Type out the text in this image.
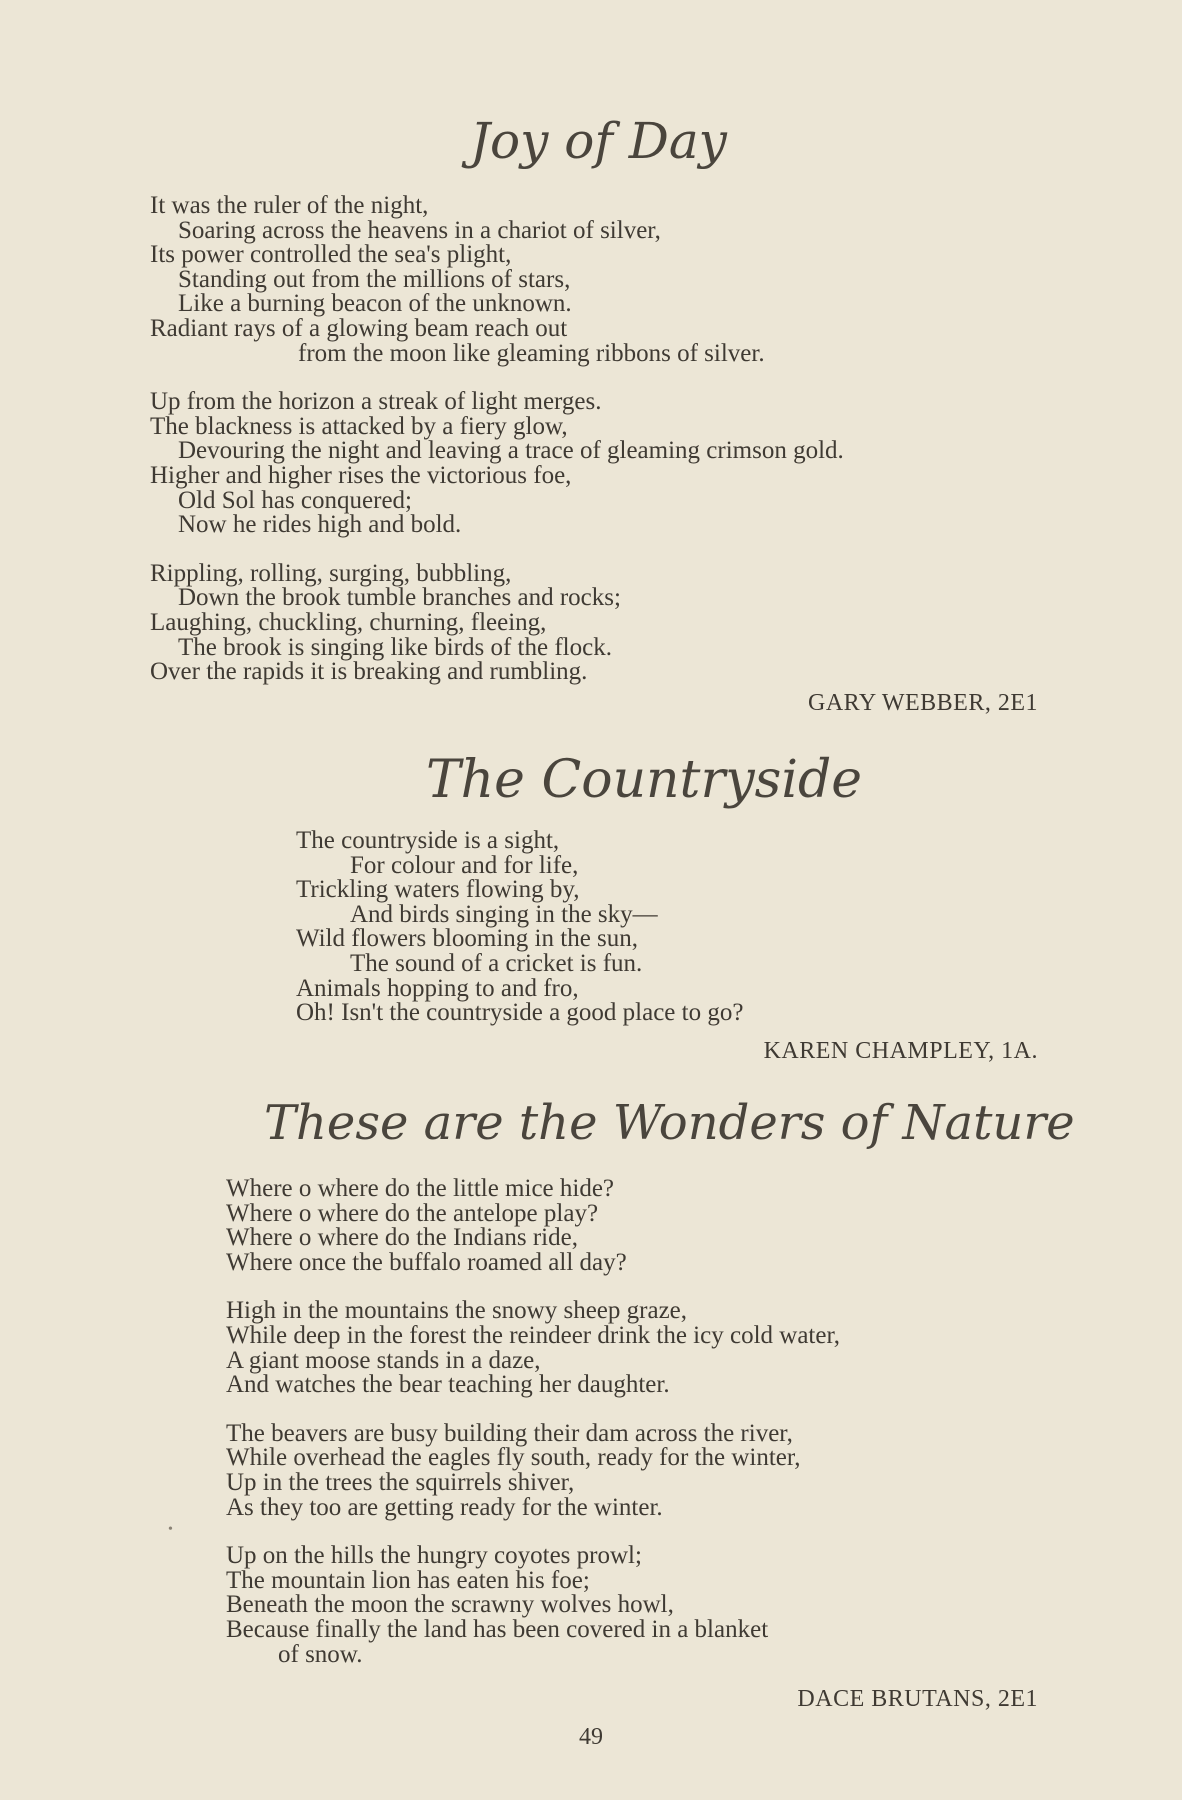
Joy of Day
It was the ruler of the night,
Soaring across the heavens in a chariot of silver,
Its power controlled the sea's plight,
Standing out from the millions of stars,
Like a burning beacon of the unknown.
Radiant rays of a glowing beam reach out
from the moon like gleaming ribbons of silver.
Up from the horizon a streak of light merges.
The blackness is attacked by a fiery glow,
Devouring the night and leaving a trace of gleaming crimson gold.
Higher and higher rises the victorious foe,
Old Sol has conquered;
Now he rides high and bold.
Rippling, rolling, surging, bubbling,
Down the brook tumble branches and rocks;
Laughing, chuckling, churning, fleeing,
The brook is singing like birds of the flock.
Over the rapids it is breaking and rumbling.
GARY WEBBER, 2E1
The Countryside
The countryside is a sight,
For colour and for life,
Trickling waters flowing by,
And birds singing in the sky—
Wild flowers blooming in the sun,
The sound of a cricket is fun.
Animals hopping to and fro,
Oh! Isn't the countryside a good place to go?
KAREN CHAMPLEY, 1A.
These are the Wonders of Nature
Where o where do the little mice hide?
Where o where do the antelope play?
Where o where do the Indians ride,
Where once the buffalo roamed all day?
High in the mountains the snowy sheep graze,
While deep in the forest the reindeer drink the icy cold water,
A giant moose stands in a daze,
And watches the bear teaching her daughter.
The beavers are busy building their dam across the river,
While overhead the eagles fly south, ready for the winter,
Up in the trees the squirrels shiver,
As they too are getting ready for the winter.
Up on the hills the hungry coyotes prowl;
The mountain lion has eaten his foe;
Beneath the moon the scrawny wolves howl,
Because finally the land has been covered in a blanket
of snow.
•
DACE BRUTANS, 2E1
49
